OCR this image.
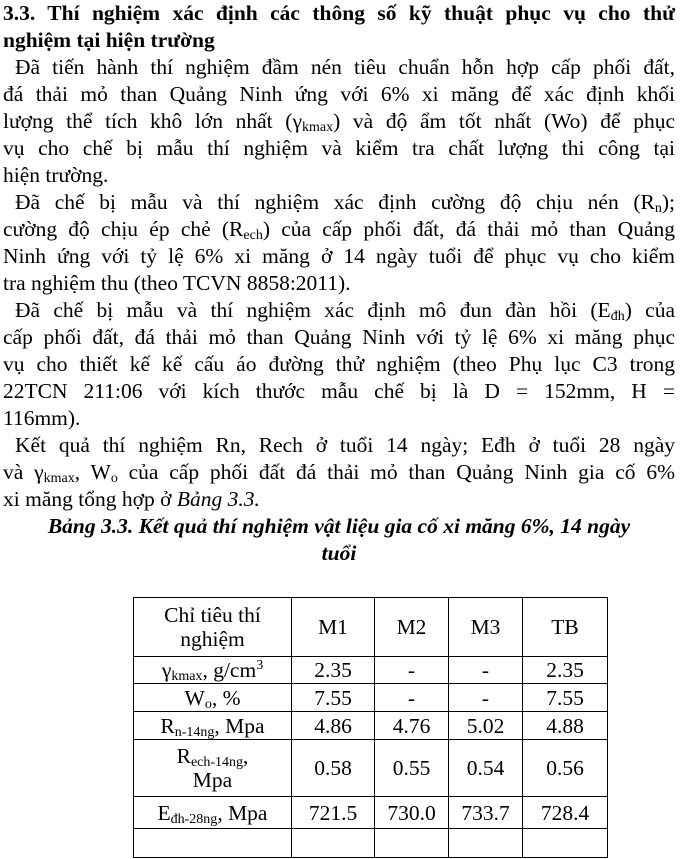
3.3. Thí nghiệm xác định các thông số kỹ thuật phục vụ cho thử
nghiệm tại hiện trường
Đã tiến hành thí nghiệm đầm nén tiêu chuẩn hỗn hợp cấp phối đất,
đá thải mỏ than Quảng Ninh ứng với 6% xi măng để xác định khối
lượng thể tích khô lớn nhất $(\gamma_{kmax})$ và độ ẩm tốt nhất (Wo) để phục
vụ cho chế bị mẫu thí nghiệm và kiểm tra chất lượng thi công tại
hiện trường.
Đã chế bị mẫu và thí nghiệm xác định cường độ chịu nén $(R_n)$;
cường độ chịu ép chẻ $(R_{ech})$ của cấp phối đất, đá thải mỏ than Quảng
Ninh ứng với tỷ lệ 6% xi măng ở 14 ngày tuổi để phục vụ cho kiểm
tra nghiệm thu (theo TCVN 8858:2011).
Đã chế bị mẫu và thí nghiệm xác định mô đun đàn hồi $(E_{đh})$ của
cấp phối đất, đá thải mỏ than Quảng Ninh với tỷ lệ 6% xi măng phục
vụ cho thiết kế kế cấu áo đường thử nghiệm (theo Phụ lục C3 trong
22TCN 211:06 với kích thước mẫu chế bị là D = 152mm, H =
116mm).
Kết quả thí nghiệm Rn, Rech ở tuổi 14 ngày; Eđh ở tuổi 28 ngày
và $\gamma_{kmax}$, $W_o$ của cấp phối đất đá thải mỏ than Quảng Ninh gia cố 6%
xi măng tổng hợp ở Bảng 3.3.
Bảng 3.3. Kết quả thí nghiệm vật liệu gia cố xi măng 6%, 14 ngày
tuổi
Chỉ tiêu thí nghiệm	M1	M2	M3	TB
$\gamma_{kmax}$, $g/cm^3$	2.35	-	-	2.35
$W_o$, %	7.55	-	-	7.55
$R_{n-14ng}$, Mpa	4.86	4.76	5.02	4.88
$R_{ech-14ng}$,
Mpa	0.58	0.55	0.54	0.56
$E_{đh-28ng}$, Mpa	721.5	730.0	733.7	728.4
